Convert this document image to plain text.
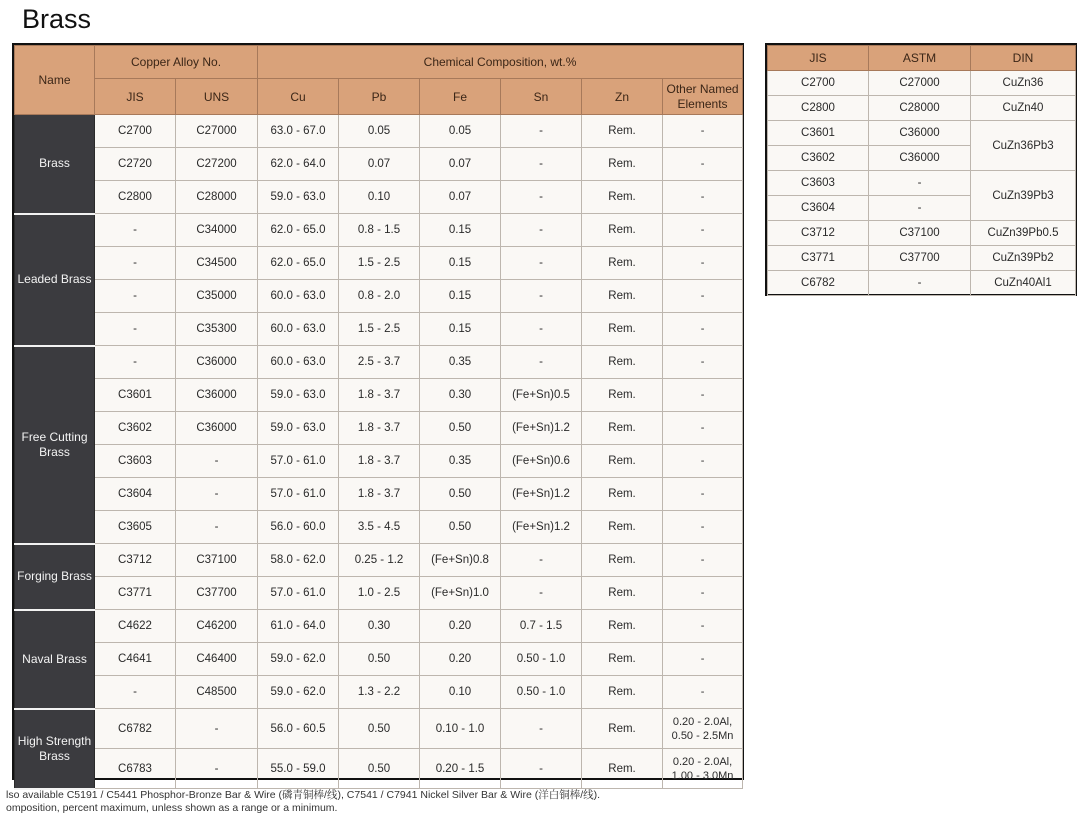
Brass
Name	Copper Alloy No.		Chemical Composition, wt.%					
	JIS	UNS	Cu	Pb	Fe	Sn	Zn	Other Named Elements
Brass	C2700	C27000	63.0 - 67.0	0.05	0.05	-	Rem.	-
	C2720	C27200	62.0 - 64.0	0.07	0.07	-	Rem.	-
	C2800	C28000	59.0 - 63.0	0.10	0.07	-	Rem.	-
Leaded Brass	-	C34000	62.0 - 65.0	0.8 - 1.5	0.15	-	Rem.	-
	-	C34500	62.0 - 65.0	1.5 - 2.5	0.15	-	Rem.	-
	-	C35000	60.0 - 63.0	0.8 - 2.0	0.15	-	Rem.	-
	-	C35300	60.0 - 63.0	1.5 - 2.5	0.15	-	Rem.	-
Free Cutting Brass	-	C36000	60.0 - 63.0	2.5 - 3.7	0.35	-	Rem.	-
	C3601	C36000	59.0 - 63.0	1.8 - 3.7	0.30	(Fe+Sn)0.5	Rem.	-
	C3602	C36000	59.0 - 63.0	1.8 - 3.7	0.50	(Fe+Sn)1.2	Rem.	-
	C3603	-	57.0 - 61.0	1.8 - 3.7	0.35	(Fe+Sn)0.6	Rem.	-
	C3604	-	57.0 - 61.0	1.8 - 3.7	0.50	(Fe+Sn)1.2	Rem.	-
	C3605	-	56.0 - 60.0	3.5 - 4.5	0.50	(Fe+Sn)1.2	Rem.	-
Forging Brass	C3712	C37100	58.0 - 62.0	0.25 - 1.2	(Fe+Sn)0.8	-	Rem.	-
	C3771	C37700	57.0 - 61.0	1.0 - 2.5	(Fe+Sn)1.0	-	Rem.	-
Naval Brass	C4622	C46200	61.0 - 64.0	0.30	0.20	0.7 - 1.5	Rem.	-
	C4641	C46400	59.0 - 62.0	0.50	0.20	0.50 - 1.0	Rem.	-
	-	C48500	59.0 - 62.0	1.3 - 2.2	0.10	0.50 - 1.0	Rem.	-
High Strength Brass	C6782	-	56.0 - 60.5	0.50	0.10 - 1.0	-	Rem.	0.20 - 2.0Al, 0.50 - 2.5Mn
	C6783	-	55.0 - 59.0	0.50	0.20 - 1.5	-	Rem.	0.20 - 2.0Al, 1.00 - 3.0Mn
lso available C5191 / C5441 Phosphor-Bronze Bar & Wire (磷青铜棒/线), C7541 / C7941 Nickel Silver Bar & Wire (洋白铜棒/线).
omposition, percent maximum, unless shown as a range or a minimum.
JIS	ASTM	DIN
C2700	C27000	CuZn36
C2800	C28000	CuZn40
C3601	C36000	CuZn36Pb3
C3602	C36000	
C3603	-	CuZn39Pb3
C3604	-	
C3712	C37100	CuZn39Pb0.5
C3771	C37700	CuZn39Pb2
C6782	-	CuZn40Al1
